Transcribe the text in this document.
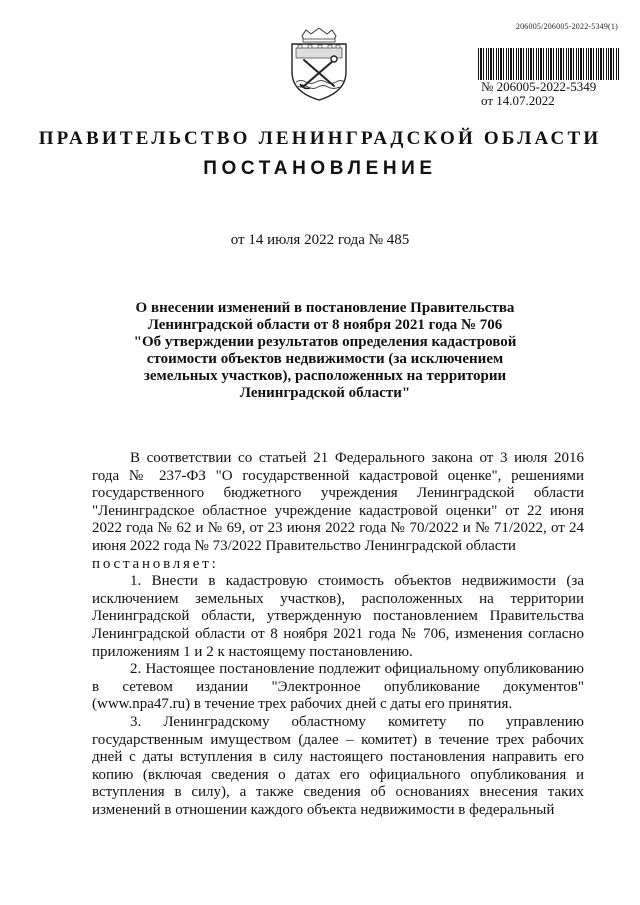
206005/206005-2022-5349(1)
№ 206005-2022-5349
от 14.07.2022
ПРАВИТЕЛЬСТВО ЛЕНИНГРАДСКОЙ ОБЛАСТИ
ПОСТАНОВЛЕНИЕ
от 14 июля 2022 года № 485
О внесении изменений в постановление Правительства
Ленинградской области от 8 ноября 2021 года № 706
"Об утверждении результатов определения кадастровой
стоимости объектов недвижимости (за исключением
земельных участков), расположенных на территории
Ленинградской области"

В соответствии со статьей 21 Федерального закона от 3 июля 2016 года № 237-ФЗ "О государственной кадастровой оценке", решениями государственного бюджетного учреждения Ленинградской области "Ленинградское областное учреждение кадастровой оценки" от 22 июня 2022 года № 62 и № 69, от 23 июня 2022 года № 70/2022 и № 71/2022, от 24 июня 2022 года № 73/2022 Правительство Ленинградской области

постановляет:

1. Внести в кадастровую стоимость объектов недвижимости (за исключением земельных участков), расположенных на территории Ленинградской области, утвержденную постановлением Правительства Ленинградской области от 8 ноября 2021 года № 706, изменения согласно приложениям 1 и 2 к настоящему постановлению.

2. Настоящее постановление подлежит официальному опубликованию в сетевом издании "Электронное опубликование документов" (www.npa47.ru) в течение трех рабочих дней с даты его принятия.

3. Ленинградскому областному комитету по управлению государственным имуществом (далее – комитет) в течение трех рабочих дней с даты вступления в силу настоящего постановления направить его копию (включая сведения о датах его официального опубликования и вступления в силу), а также сведения об основаниях внесения таких изменений в отношении каждого объекта недвижимости в федеральный
